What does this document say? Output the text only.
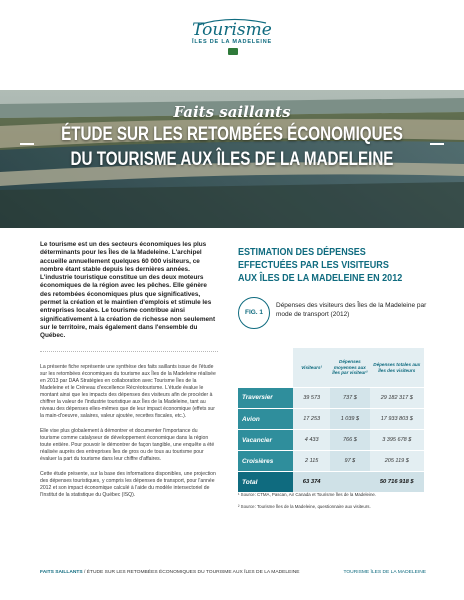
Tourisme
ÎLES DE LA MADELEINE
Faits saillants
ÉTUDE SUR LES RETOMBÉES ÉCONOMIQUES
DU TOURISME AUX ÎLES DE LA MADELEINE

Le tourisme est un des secteurs économiques les plus déterminants pour les Îles de la Madeleine. L'archipel accueille annuellement quelques 60 000 visiteurs, ce nombre étant stable depuis les dernières années. L'industrie touristique constitue un des deux moteurs économiques de la région avec les pêches. Elle génère des retombées économiques plus que significatives, permet la création et le maintien d'emplois et stimule les entreprises locales. Le tourisme contribue ainsi significativement à la création de richesse non seulement sur le territoire, mais également dans l'ensemble du Québec.

La présente fiche représente une synthèse des faits saillants issue de l'étude sur les retombées économiques du tourisme aux Îles de la Madeleine réalisée en 2013 par DAA Stratégies en collaboration avec Tourisme Îles de la Madeleine et le Créneau d'excellence Récréotourisme. L'étude évalue le montant ainsi que les impacts des dépenses des visiteurs afin de procéder à chiffrer la valeur de l'industrie touristique aux Îles de la Madeleine, tant au niveau des dépenses elles-mêmes que de leur impact économique (effets sur la main-d'oeuvre, salaires, valeur ajoutée, recettes fiscales, etc.).

Elle vise plus globalement à démontrer et documenter l'importance du tourisme comme catalyseur de développement économique dans la région toute entière. Pour pouvoir le démontrer de façon tangible, une enquête a été réalisée auprès des entreprises Îles de gros ou de tous au tourisme pour évaluer la part du tourisme dans leur chiffre d'affaires.

Cette étude présente, sur la base des informations disponibles, une projection des dépenses touristiques, y compris les dépenses de transport, pour l'année 2012 et son impact économique calculé à l'aide du modèle intersectoriel de l'Institut de la statistique du Québec (ISQ).

ESTIMATION DES DÉPENSES EFFECTUÉES PAR LES VISITEURS AUX ÎLES DE LA MADELEINE EN 2012

FIG. 1
Dépenses des visiteurs des Îles de la Madeleine par mode de transport (2012)
	Visiteurs¹	Dépenses moyennes aux Îles par visiteur²	Dépenses totales aux Îles des visiteurs
Traversier	39 573	737 $	29 182 317 $
Avion	17 253	1 039 $	17 933 803 $
Vacancier	4 433	766 $	3 395 678 $
Croisières	2 115	97 $	205 119 $
Total	63 374		50 716 918 $

¹ Source: CTMA, Pascan, Air Canada et Tourisme Îles de la Madeleine.

² Source: Tourisme Îles de la Madeleine, questionnaire aux visiteurs.

FAITS SAILLANTS / ÉTUDE SUR LES RETOMBÉES ÉCONOMIQUES DU TOURISME AUX ÎLES DE LA MADELEINE	TOURISME ÎLES DE LA MADELEINE
